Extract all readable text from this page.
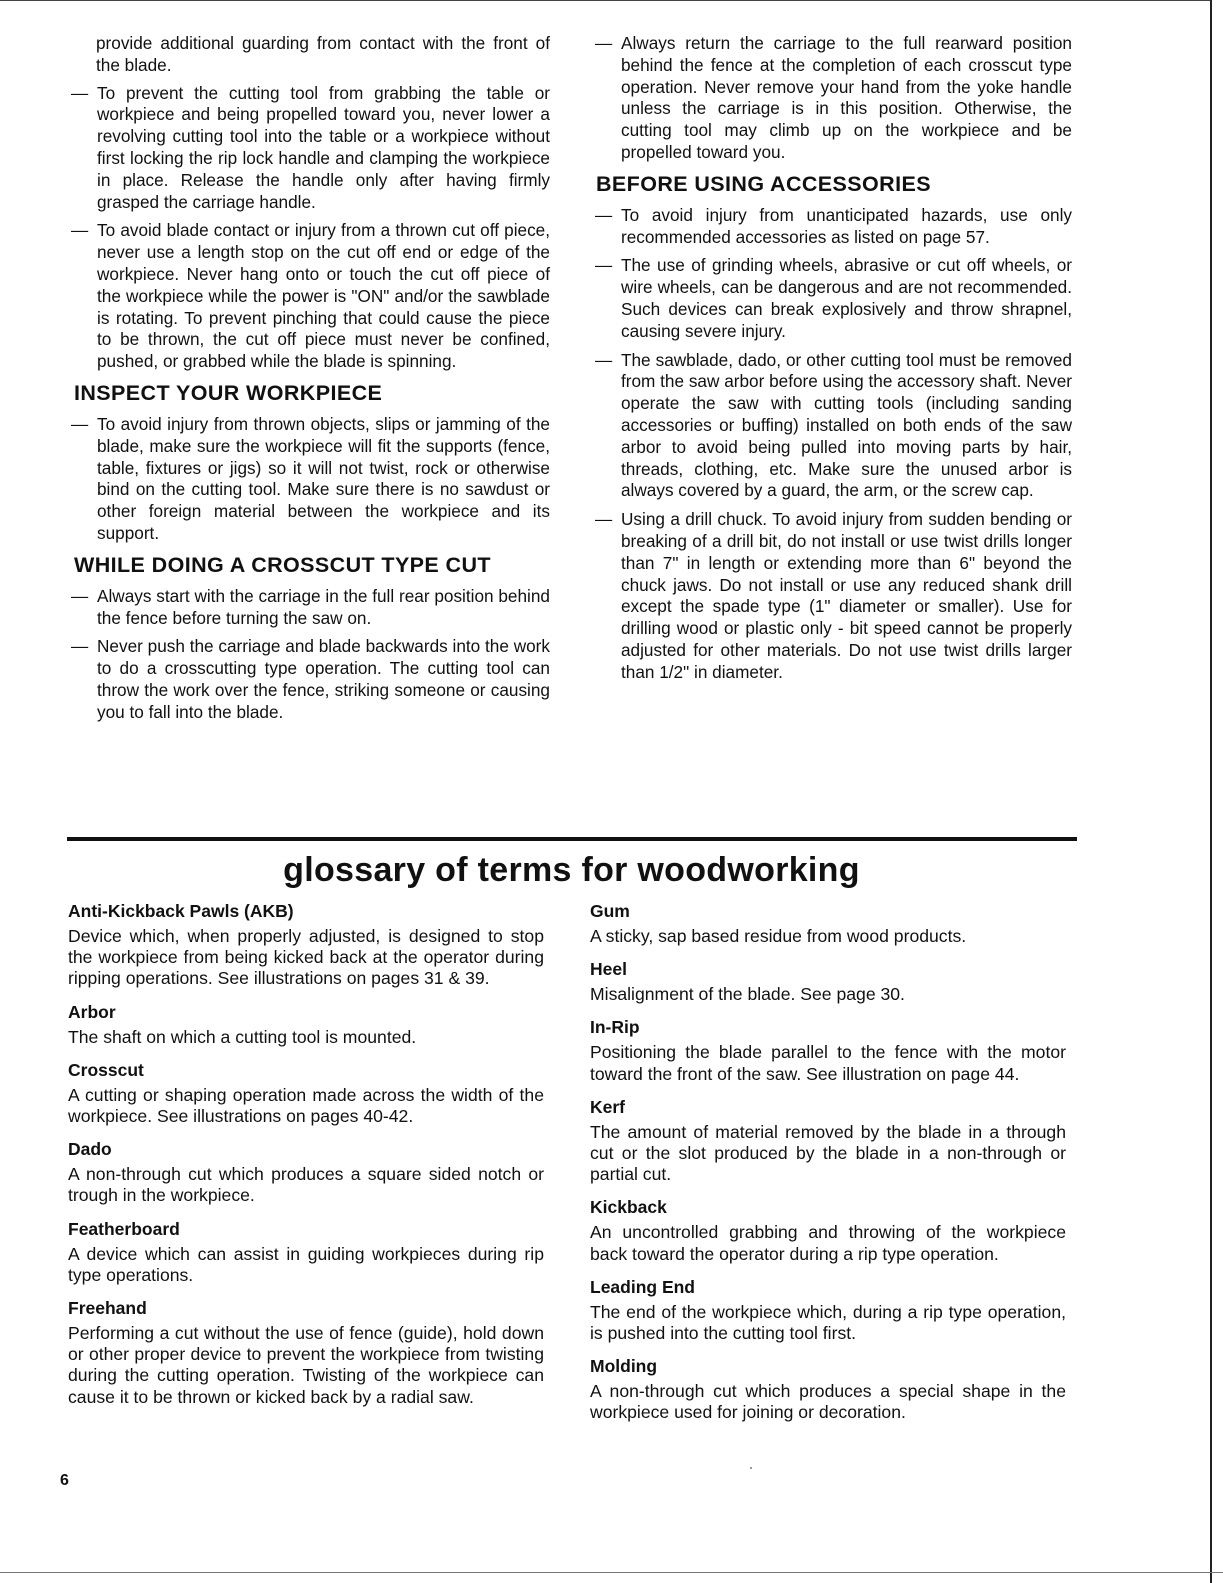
provide additional guarding from contact with the front of the blade.

— To prevent the cutting tool from grabbing the table or workpiece and being propelled toward you, never lower a revolving cutting tool into the table or a workpiece without first locking the rip lock handle and clamping the workpiece in place. Release the handle only after having firmly grasped the carriage handle.
— To avoid blade contact or injury from a thrown cut off piece, never use a length stop on the cut off end or edge of the workpiece. Never hang onto or touch the cut off piece of the workpiece while the power is "ON" and/or the sawblade is rotating. To prevent pinching that could cause the piece to be thrown, the cut off piece must never be confined, pushed, or grabbed while the blade is spinning.
INSPECT YOUR WORKPIECE
— To avoid injury from thrown objects, slips or jamming of the blade, make sure the workpiece will fit the supports (fence, table, fixtures or jigs) so it will not twist, rock or otherwise bind on the cutting tool. Make sure there is no sawdust or other foreign material between the workpiece and its support.
WHILE DOING A CROSSCUT TYPE CUT
— Always start with the carriage in the full rear position behind the fence before turning the saw on.
— Never push the carriage and blade backwards into the work to do a crosscutting type operation. The cutting tool can throw the work over the fence, striking someone or causing you to fall into the blade.
— Always return the carriage to the full rearward position behind the fence at the completion of each crosscut type operation. Never remove your hand from the yoke handle unless the carriage is in this position. Otherwise, the cutting tool may climb up on the workpiece and be propelled toward you.
BEFORE USING ACCESSORIES
— To avoid injury from unanticipated hazards, use only recommended accessories as listed on page 57.
— The use of grinding wheels, abrasive or cut off wheels, or wire wheels, can be dangerous and are not recommended. Such devices can break explosively and throw shrapnel, causing severe injury.
— The sawblade, dado, or other cutting tool must be removed from the saw arbor before using the accessory shaft. Never operate the saw with cutting tools (including sanding accessories or buffing) installed on both ends of the saw arbor to avoid being pulled into moving parts by hair, threads, clothing, etc. Make sure the unused arbor is always covered by a guard, the arm, or the screw cap.
— Using a drill chuck. To avoid injury from sudden bending or breaking of a drill bit, do not install or use twist drills longer than 7" in length or extending more than 6" beyond the chuck jaws. Do not install or use any reduced shank drill except the spade type (1" diameter or smaller). Use for drilling wood or plastic only - bit speed cannot be properly adjusted for other materials. Do not use twist drills larger than 1/2" in diameter.
glossary of terms for woodworking
Anti-Kickback Pawls (AKB)
Device which, when properly adjusted, is designed to stop the workpiece from being kicked back at the operator during ripping operations. See illustrations on pages 31 & 39.
Arbor
The shaft on which a cutting tool is mounted.
Crosscut
A cutting or shaping operation made across the width of the workpiece. See illustrations on pages 40-42.
Dado
A non-through cut which produces a square sided notch or trough in the workpiece.
Featherboard
A device which can assist in guiding workpieces during rip type operations.
Freehand
Performing a cut without the use of fence (guide), hold down or other proper device to prevent the workpiece from twisting during the cutting operation. Twisting of the workpiece can cause it to be thrown or kicked back by a radial saw.
Gum
A sticky, sap based residue from wood products.
Heel
Misalignment of the blade. See page 30.
In-Rip
Positioning the blade parallel to the fence with the motor toward the front of the saw. See illustration on page 44.
Kerf
The amount of material removed by the blade in a through cut or the slot produced by the blade in a non-through or partial cut.
Kickback
An uncontrolled grabbing and throwing of the workpiece back toward the operator during a rip type operation.
Leading End
The end of the workpiece which, during a rip type operation, is pushed into the cutting tool first.
Molding
A non-through cut which produces a special shape in the workpiece used for joining or decoration.
6
